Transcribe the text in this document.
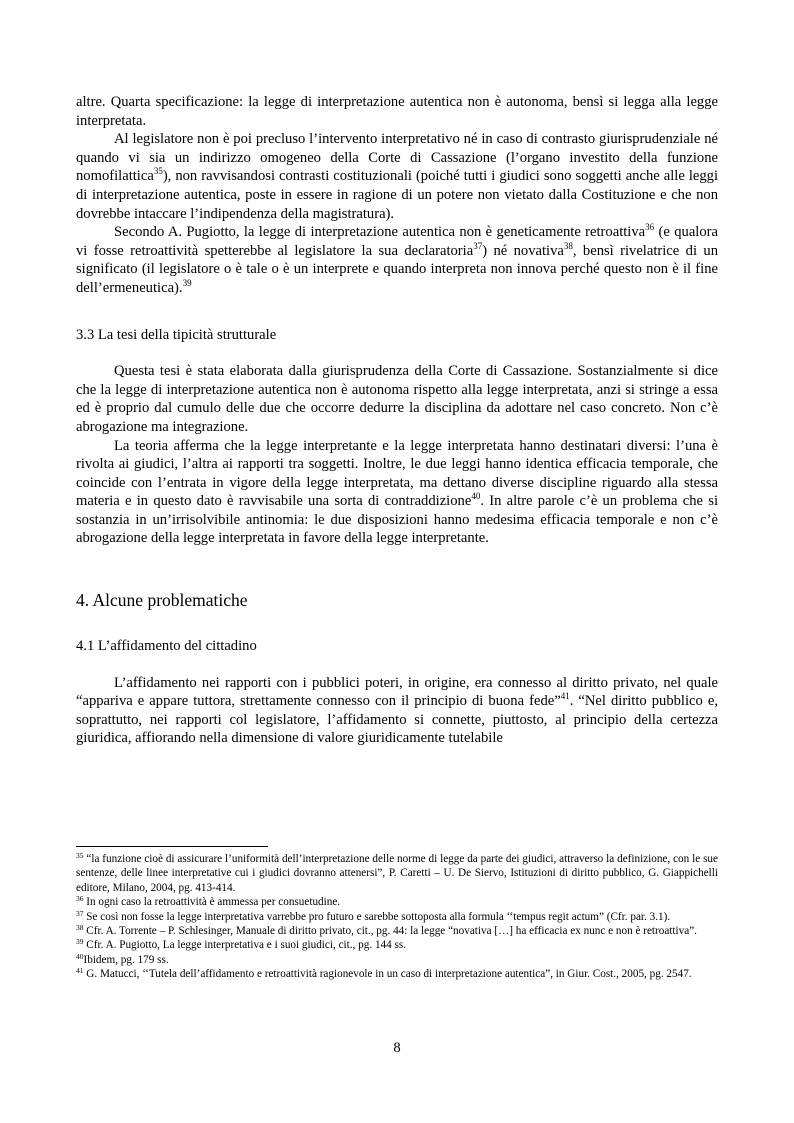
altre. Quarta specificazione: la legge di interpretazione autentica non è autonoma, bensì si legga alla legge interpretata.

Al legislatore non è poi precluso l’intervento interpretativo né in caso di contrasto giurisprudenziale né quando vi sia un indirizzo omogeneo della Corte di Cassazione (l’organo investito della funzione nomofilattica$^{35}$), non ravvisandosi contrasti costituzionali (poiché tutti i giudici sono soggetti anche alle leggi di interpretazione autentica, poste in essere in ragione di un potere non vietato dalla Costituzione e che non dovrebbe intaccare l’indipendenza della magistratura).

Secondo A. Pugiotto, la legge di interpretazione autentica non è geneticamente retroattiva$^{36}$ (e qualora vi fosse retroattività spetterebbe al legislatore la sua declaratoria$^{37}$) né novativa$^{38}$, bensì rivelatrice di un significato (il legislatore o è tale o è un interprete e quando interpreta non innova perché questo non è il fine dell’ermeneutica).$^{39}$

3.3 La tesi della tipicità strutturale

Questa tesi è stata elaborata dalla giurisprudenza della Corte di Cassazione. Sostanzialmente si dice che la legge di interpretazione autentica non è autonoma rispetto alla legge interpretata, anzi si stringe a essa ed è proprio dal cumulo delle due che occorre dedurre la disciplina da adottare nel caso concreto. Non c’è abrogazione ma integrazione.

La teoria afferma che la legge interpretante e la legge interpretata hanno destinatari diversi: l’una è rivolta ai giudici, l’altra ai rapporti tra soggetti. Inoltre, le due leggi hanno identica efficacia temporale, che coincide con l’entrata in vigore della legge interpretata, ma dettano diverse discipline riguardo alla stessa materia e in questo dato è ravvisabile una sorta di contraddizione$^{40}$. In altre parole c’è un problema che si sostanzia in un’irrisolvibile antinomia: le due disposizioni hanno medesima efficacia temporale e non c’è abrogazione della legge interpretata in favore della legge interpretante.

4. Alcune problematiche
4.1 L’affidamento del cittadino

L’affidamento nei rapporti con i pubblici poteri, in origine, era connesso al diritto privato, nel quale “appariva e appare tuttora, strettamente connesso con il principio di buona fede”$^{41}$. “Nel diritto pubblico e, soprattutto, nei rapporti col legislatore, l’affidamento si connette, piuttosto, al principio della certezza giuridica, affiorando nella dimensione di valore giuridicamente tutelabile

$^{35}$ “la funzione cioè di assicurare l’uniformità dell’interpretazione delle norme di legge da parte dei giudici, attraverso la definizione, con le sue sentenze, delle linee interpretative cui i giudici dovranno attenersi”, P. Caretti – U. De Siervo, Istituzioni di diritto pubblico, G. Giappichelli editore, Milano, 2004, pg. 413-414.

$^{36}$ In ogni caso la retroattività è ammessa per consuetudine.

$^{37}$ Se così non fosse la legge interpretativa varrebbe pro futuro e sarebbe sottoposta alla formula ‘‘tempus regit actum” (Cfr. par. 3.1).

$^{38}$ Cfr. A. Torrente – P. Schlesinger, Manuale di diritto privato, cit., pg. 44: la legge “novativa […] ha efficacia ex nunc e non è retroattiva”.

$^{39}$ Cfr. A. Pugiotto, La legge interpretativa e i suoi giudici, cit., pg. 144 ss.

$^{40}$Ibidem, pg. 179 ss.

$^{41}$ G. Matucci, ‘‘Tutela dell’affidamento e retroattività ragionevole in un caso di interpretazione autentica”, in Giur. Cost., 2005, pg. 2547.

8
